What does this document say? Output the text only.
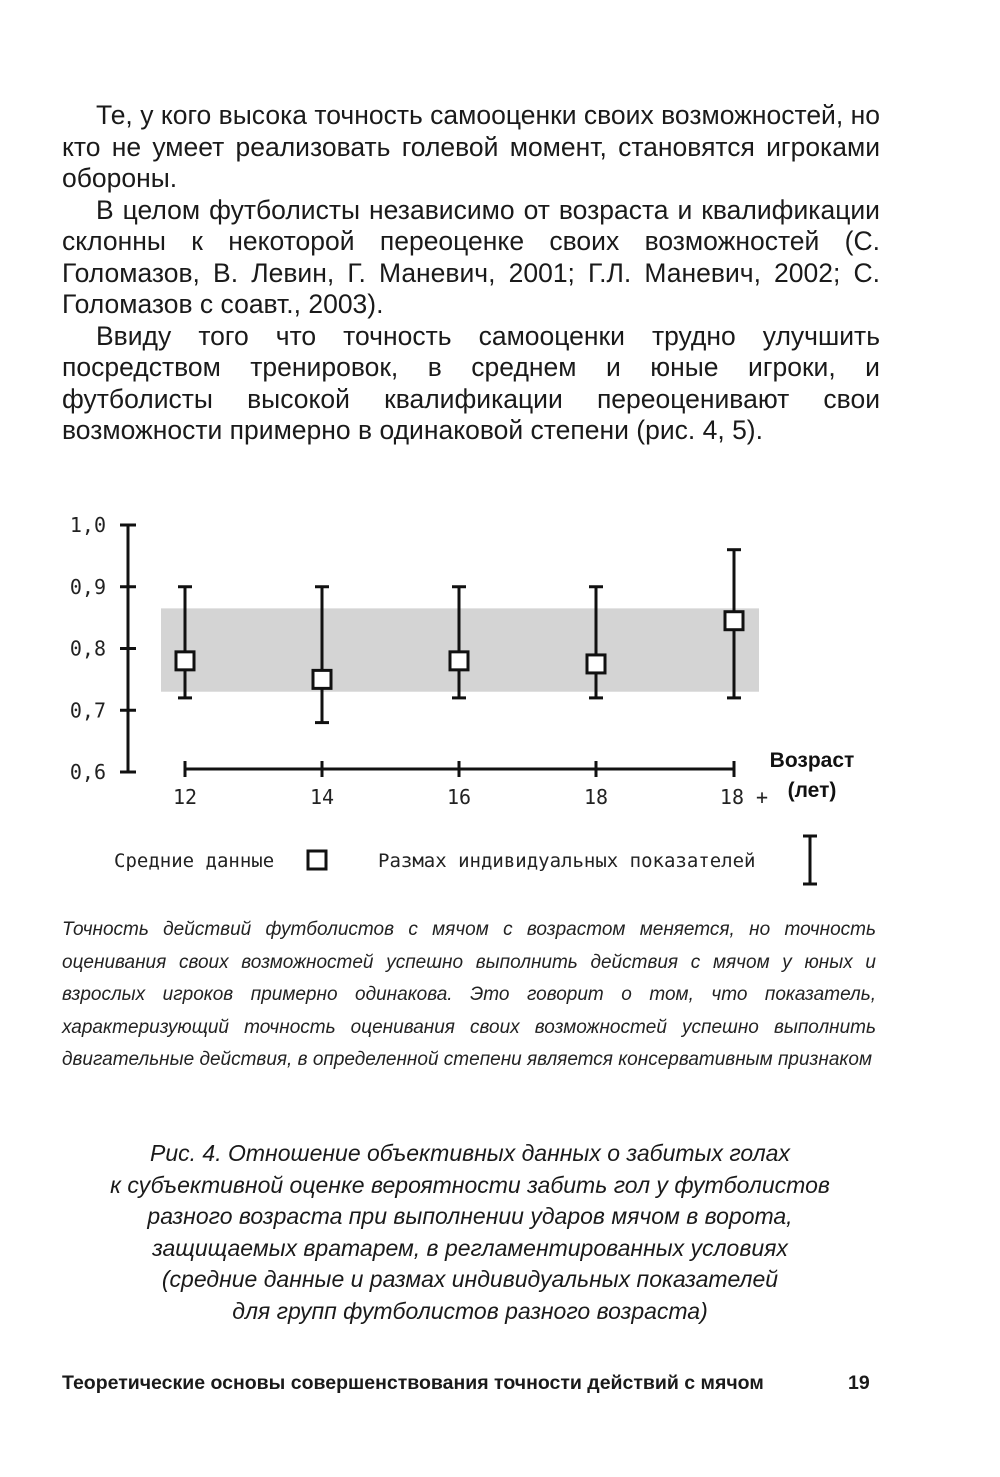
Те, у кого высока точность самооценки своих возможностей, но кто не умеет реализовать голевой момент, становятся игроками обороны.

В целом футболисты независимо от возраста и квалификации склонны к некоторой переоценке своих возможностей (С. Голомазов, В. Левин, Г. Маневич, 2001; Г.Л. Маневич, 2002; С. Голомазов с соавт., 2003).

Ввиду того что точность самооценки трудно улучшить посредством тренировок, в среднем и юные игроки, и футболисты высокой квалификации переоценивают свои возможности примерно в одинаковой степени (рис. 4, 5).

1,0
0,9
0,8
0,7
0,6
12	14	16	18	18 +
Возраст
(лет)
Средние данные	Размах индивидуальных показателей
Точность действий футболистов с мячом с возрастом меняется, но точность оценивания своих возможностей успешно выполнить действия с мячом у юных и взрослых игроков примерно одинакова. Это говорит о том, что показатель, характеризующий точность оценивания своих возможностей успешно выполнить двигательные действия, в определенной степени является консервативным признаком
Рис. 4. Отношение объективных данных о забитых голах
к субъективной оценке вероятности забить гол у футболистов
разного возраста при выполнении ударов мячом в ворота,
защищаемых вратарем, в регламентированных условиях
(средние данные и размах индивидуальных показателей
для групп футболистов разного возраста)
Теоретические основы совершенствования точности действий с мячом	19
